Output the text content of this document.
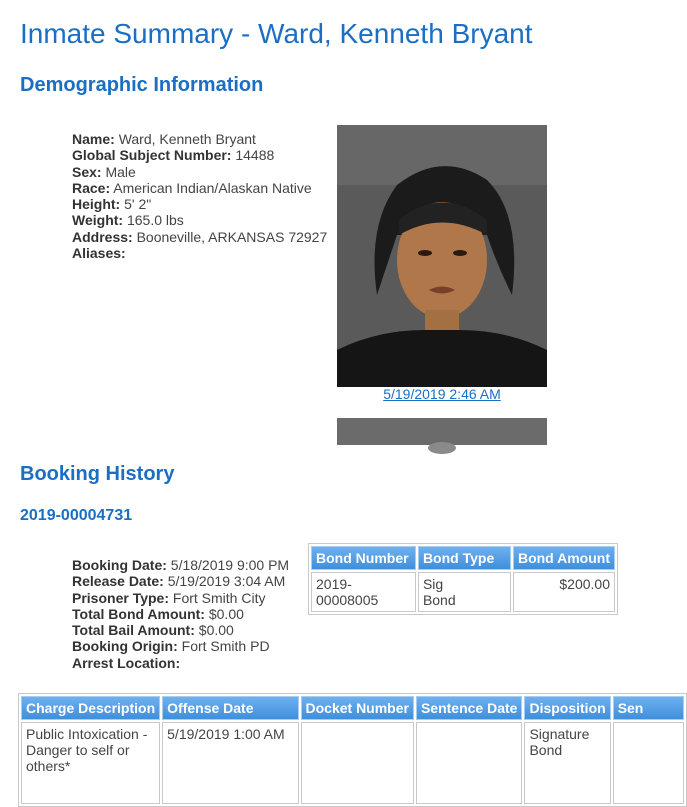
Inmate Summary - Ward, Kenneth Bryant
Demographic Information
Name: Ward, Kenneth Bryant
Global Subject Number: 14488
Sex: Male
Race: American Indian/Alaskan Native
Height: 5' 2"
Weight: 165.0 lbs
Address: Booneville, ARKANSAS 72927
Aliases:
5/19/2019 2:46 AM
Booking History
2019-00004731
Booking Date: 5/18/2019 9:00 PM
Release Date: 5/19/2019 3:04 AM
Prisoner Type: Fort Smith City
Total Bond Amount: $0.00
Total Bail Amount: $0.00
Booking Origin: Fort Smith PD
Arrest Location:
Bond Number	Bond Type	Bond Amount
2019-00008005	Sig Bond	$200.00
Charge Description	Offense Date	Docket Number	Sentence Date	Disposition	Sen
Public Intoxication - Danger to self or others*	5/19/2019 1:00 AM			Signature Bond	
